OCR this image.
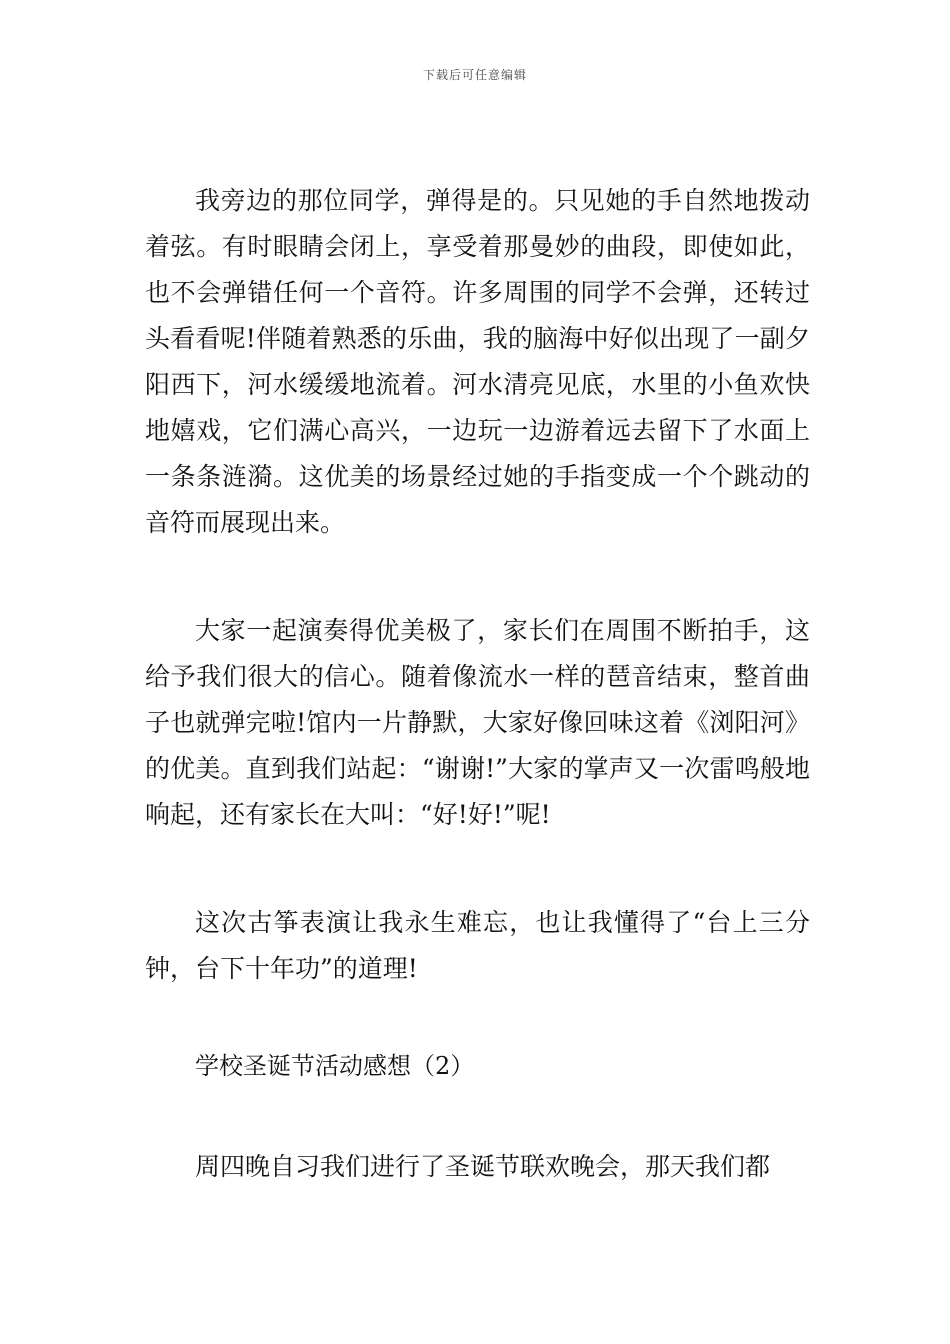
下载后可任意编辑

我旁边的那位同学，弹得是的。只见她的手自然地拨动着弦。有时眼睛会闭上，享受着那曼妙的曲段，即使如此，也不会弹错任何一个音符。许多周围的同学不会弹，还转过头看看呢!伴随着熟悉的乐曲，我的脑海中好似出现了一副夕阳西下，河水缓缓地流着。河水清亮见底，水里的小鱼欢快地嬉戏，它们满心高兴，一边玩一边游着远去留下了水面上一条条涟漪。这优美的场景经过她的手指变成一个个跳动的音符而展现出来。

大家一起演奏得优美极了，家长们在周围不断拍手，这给予我们很大的信心。随着像流水一样的琶音结束，整首曲子也就弹完啦!馆内一片静默，大家好像回味这着《浏阳河》的优美。直到我们站起：“谢谢!”大家的掌声又一次雷鸣般地响起，还有家长在大叫：“好!好!”呢!

这次古筝表演让我永生难忘，也让我懂得了“台上三分钟，台下十年功”的道理!

学校圣诞节活动感想（2）

周四晚自习我们进行了圣诞节联欢晚会，那天我们都
